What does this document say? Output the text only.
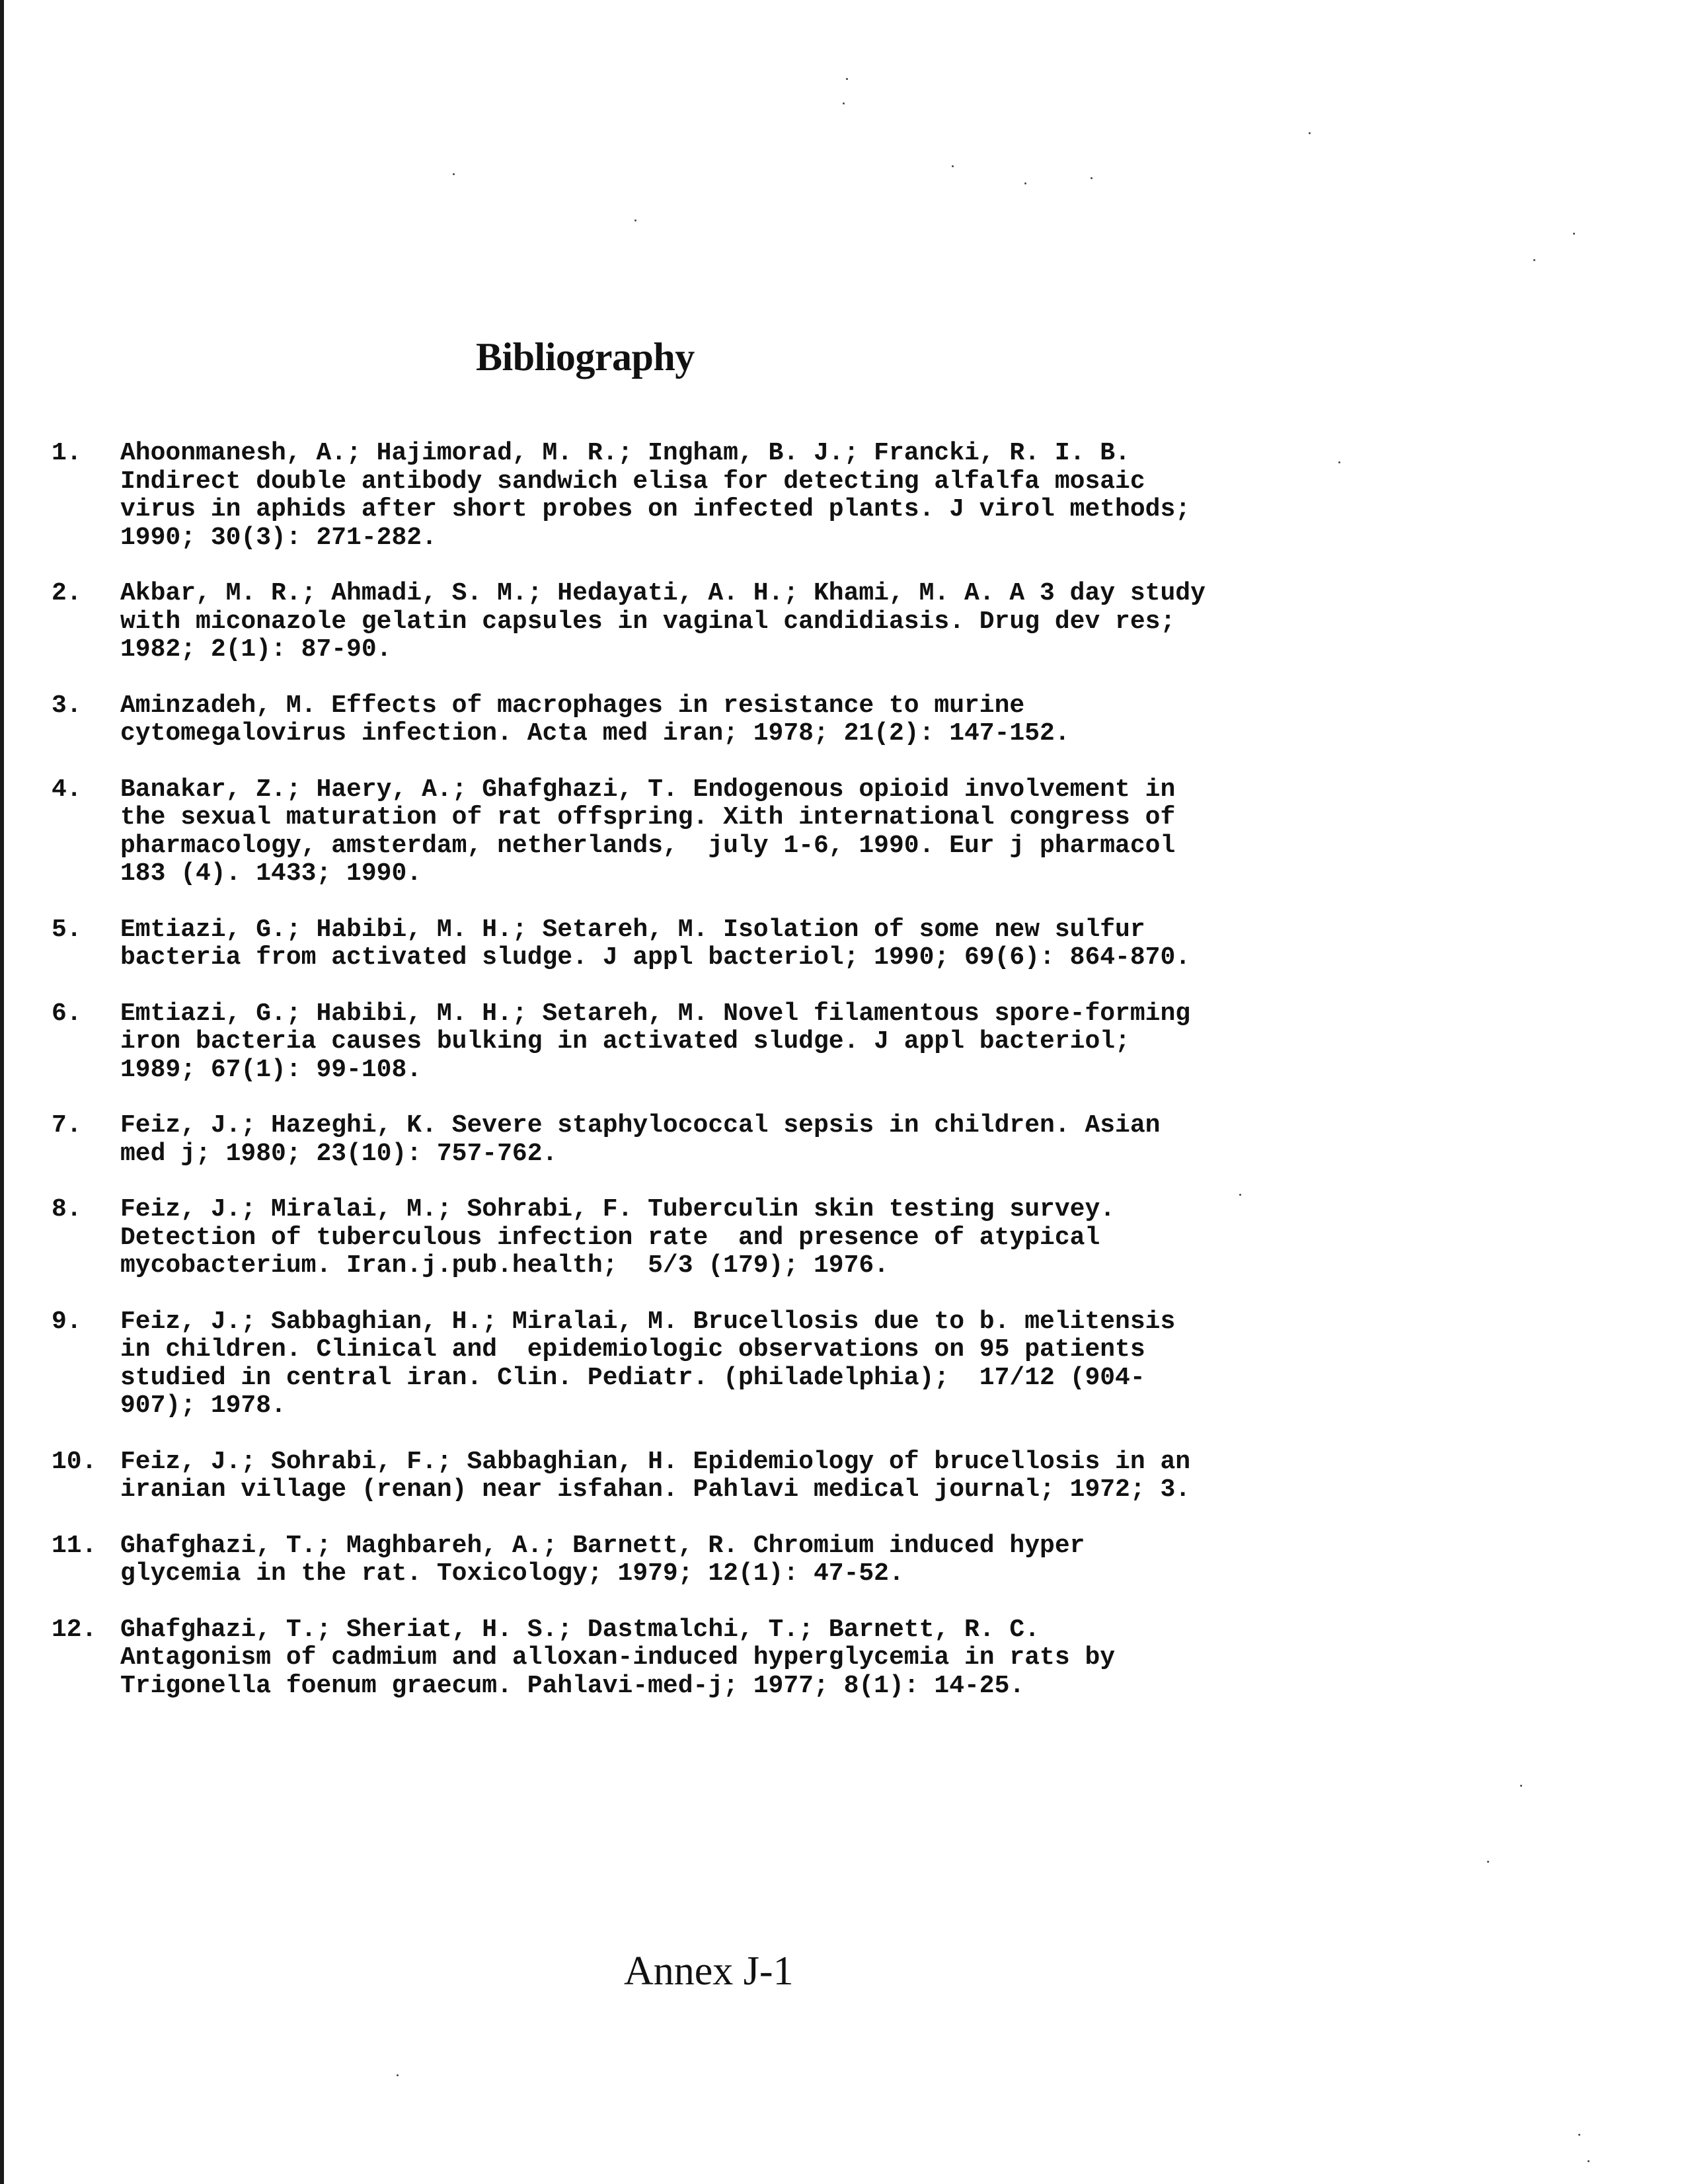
Bibliography
1. Ahoonmanesh, A.; Hajimorad, M. R.; Ingham, B. J.; Francki, R. I. B.
Indirect double antibody sandwich elisa for detecting alfalfa mosaic
virus in aphids after short probes on infected plants. J virol methods;
1990; 30(3): 271-282.
2. Akbar, M. R.; Ahmadi, S. M.; Hedayati, A. H.; Khami, M. A. A 3 day study
with miconazole gelatin capsules in vaginal candidiasis. Drug dev res;
1982; 2(1): 87-90.
3. Aminzadeh, M. Effects of macrophages in resistance to murine
cytomegalovirus infection. Acta med iran; 1978; 21(2): 147-152.
4. Banakar, Z.; Haery, A.; Ghafghazi, T. Endogenous opioid involvement in
the sexual maturation of rat offspring. Xith international congress of
pharmacology, amsterdam, netherlands,  july 1-6, 1990. Eur j pharmacol
183 (4). 1433; 1990.
5. Emtiazi, G.; Habibi, M. H.; Setareh, M. Isolation of some new sulfur
bacteria from activated sludge. J appl bacteriol; 1990; 69(6): 864-870.
6. Emtiazi, G.; Habibi, M. H.; Setareh, M. Novel filamentous spore-forming
iron bacteria causes bulking in activated sludge. J appl bacteriol;
1989; 67(1): 99-108.
7. Feiz, J.; Hazeghi, K. Severe staphylococcal sepsis in children. Asian
med j; 1980; 23(10): 757-762.
8. Feiz, J.; Miralai, M.; Sohrabi, F. Tuberculin skin testing survey.
Detection of tuberculous infection rate  and presence of atypical
mycobacterium. Iran.j.pub.health;  5/3 (179); 1976.
9. Feiz, J.; Sabbaghian, H.; Miralai, M. Brucellosis due to b. melitensis
in children. Clinical and  epidemiologic observations on 95 patients
studied in central iran. Clin. Pediatr. (philadelphia);  17/12 (904-
907); 1978.
10. Feiz, J.; Sohrabi, F.; Sabbaghian, H. Epidemiology of brucellosis in an
iranian village (renan) near isfahan. Pahlavi medical journal; 1972; 3.
11. Ghafghazi, T.; Maghbareh, A.; Barnett, R. Chromium induced hyper
glycemia in the rat. Toxicology; 1979; 12(1): 47-52.
12. Ghafghazi, T.; Sheriat, H. S.; Dastmalchi, T.; Barnett, R. C.
Antagonism of cadmium and alloxan-induced hyperglycemia in rats by
Trigonella foenum graecum. Pahlavi-med-j; 1977; 8(1): 14-25.
Annex J-1
